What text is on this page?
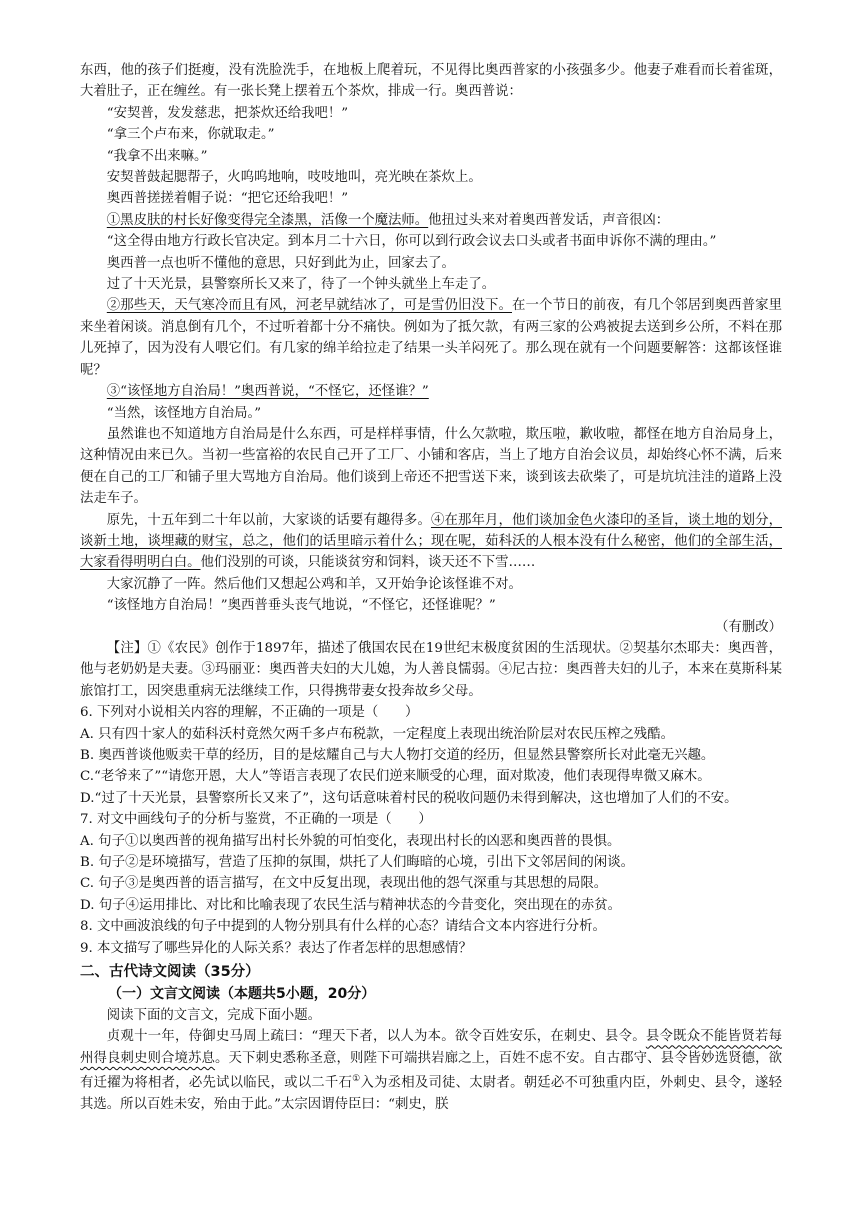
东西，他的孩子们挺瘦，没有洗脸洗手，在地板上爬着玩，不见得比奥西普家的小孩强多少。他妻子难看而长着雀斑，大着肚子，正在缠丝。有一张长凳上摆着五个茶炊，排成一行。奥西普说：

“安契普，发发慈悲，把茶炊还给我吧！”

“拿三个卢布来，你就取走。”

“我拿不出来嘛。”

安契普鼓起腮帮子，火呜呜地响，吱吱地叫，亮光映在茶炊上。

奥西普搓搓着帽子说：“把它还给我吧！”

①黑皮肤的村长好像变得完全漆黑，活像一个魔法师。他扭过头来对着奥西普发话，声音很凶：

“这全得由地方行政长官决定。到本月二十六日，你可以到行政会议去口头或者书面申诉你不满的理由。”

奥西普一点也听不懂他的意思，只好到此为止，回家去了。

过了十天光景，县警察所长又来了，待了一个钟头就坐上车走了。

②那些天，天气寒冷而且有风，河老早就结冰了，可是雪仍旧没下。在一个节日的前夜，有几个邻居到奥西普家里来坐着闲谈。消息倒有几个，不过听着都十分不痛快。例如为了抵欠款，有两三家的公鸡被捉去送到乡公所，不料在那儿死掉了，因为没有人喂它们。有几家的绵羊给拉走了结果一头羊闷死了。那么现在就有一个问题要解答：这都该怪谁呢？

③“该怪地方自治局！”奥西普说，“不怪它，还怪谁？”

“当然，该怪地方自治局。”

虽然谁也不知道地方自治局是什么东西，可是样样事情，什么欠款啦，欺压啦，歉收啦，都怪在地方自治局身上，这种情况由来已久。当初一些富裕的农民自己开了工厂、小铺和客店，当上了地方自治会议员，却始终心怀不满，后来便在自己的工厂和铺子里大骂地方自治局。他们谈到上帝还不把雪送下来，谈到该去砍柴了，可是坑坑洼洼的道路上没法走车子。

原先，十五年到二十年以前，大家谈的话要有趣得多。④在那年月，他们谈加金色火漆印的圣旨，谈土地的划分，谈新土地，谈埋藏的财宝，总之，他们的话里暗示着什么；现在呢，茹科沃的人根本没有什么秘密，他们的全部生活，大家看得明明白白。他们没别的可谈，只能谈贫穷和饲料，谈天还不下雪……

大家沉静了一阵。然后他们又想起公鸡和羊，又开始争论该怪谁不对。

“该怪地方自治局！”奥西普垂头丧气地说，“不怪它，还怪谁呢？”

（有删改）

【注】①《农民》创作于1897年，描述了俄国农民在19世纪末极度贫困的生活现状。②契基尔杰耶夫：奥西普，他与老奶奶是夫妻。③玛丽亚：奥西普夫妇的大儿媳，为人善良懦弱。④尼古拉：奥西普夫妇的儿子，本来在莫斯科某旅馆打工，因突患重病无法继续工作，只得携带妻女投奔故乡父母。

6. 下列对小说相关内容的理解，不正确的一项是（　　）

A. 只有四十家人的茹科沃村竟然欠两千多卢布税款，一定程度上表现出统治阶层对农民压榨之残酷。

B. 奥西普谈他贩卖干草的经历，目的是炫耀自己与大人物打交道的经历，但显然县警察所长对此毫无兴趣。

C.“老爷来了”“请您开恩，大人”等语言表现了农民们逆来顺受的心理，面对欺凌，他们表现得卑微又麻木。

D.“过了十天光景，县警察所长又来了”，这句话意味着村民的税收问题仍未得到解决，这也增加了人们的不安。

7. 对文中画线句子的分析与鉴赏，不正确的一项是（　　）

A. 句子①以奥西普的视角描写出村长外貌的可怕变化，表现出村长的凶恶和奥西普的畏惧。

B. 句子②是环境描写，营造了压抑的氛围，烘托了人们晦暗的心境，引出下文邻居间的闲谈。

C. 句子③是奥西普的语言描写，在文中反复出现，表现出他的怨气深重与其思想的局限。

D. 句子④运用排比、对比和比喻表现了农民生活与精神状态的今昔变化，突出现在的赤贫。

8. 文中画波浪线的句子中提到的人物分别具有什么样的心态？请结合文本内容进行分析。

9. 本文描写了哪些异化的人际关系？表达了作者怎样的思想感情？

二、古代诗文阅读（35分）
（一）文言文阅读（本题共5小题，20分）

阅读下面的文言文，完成下面小题。

贞观十一年，侍御史马周上疏曰：“理天下者，以人为本。欲令百姓安乐，在刺史、县令。县令既众不能皆贤若每州得良刺史则合境苏息。天下刺史悉称圣意，则陛下可端拱岩廊之上，百姓不虑不安。自古郡守、县令皆妙选贤德，欲有迁擢为将相者，必先试以临民，或以二千石①入为丞相及司徒、太尉者。朝廷必不可独重内臣，外刺史、县令，遂轻其选。所以百姓未安，殆由于此。”太宗因谓侍臣曰：“刺史，朕
